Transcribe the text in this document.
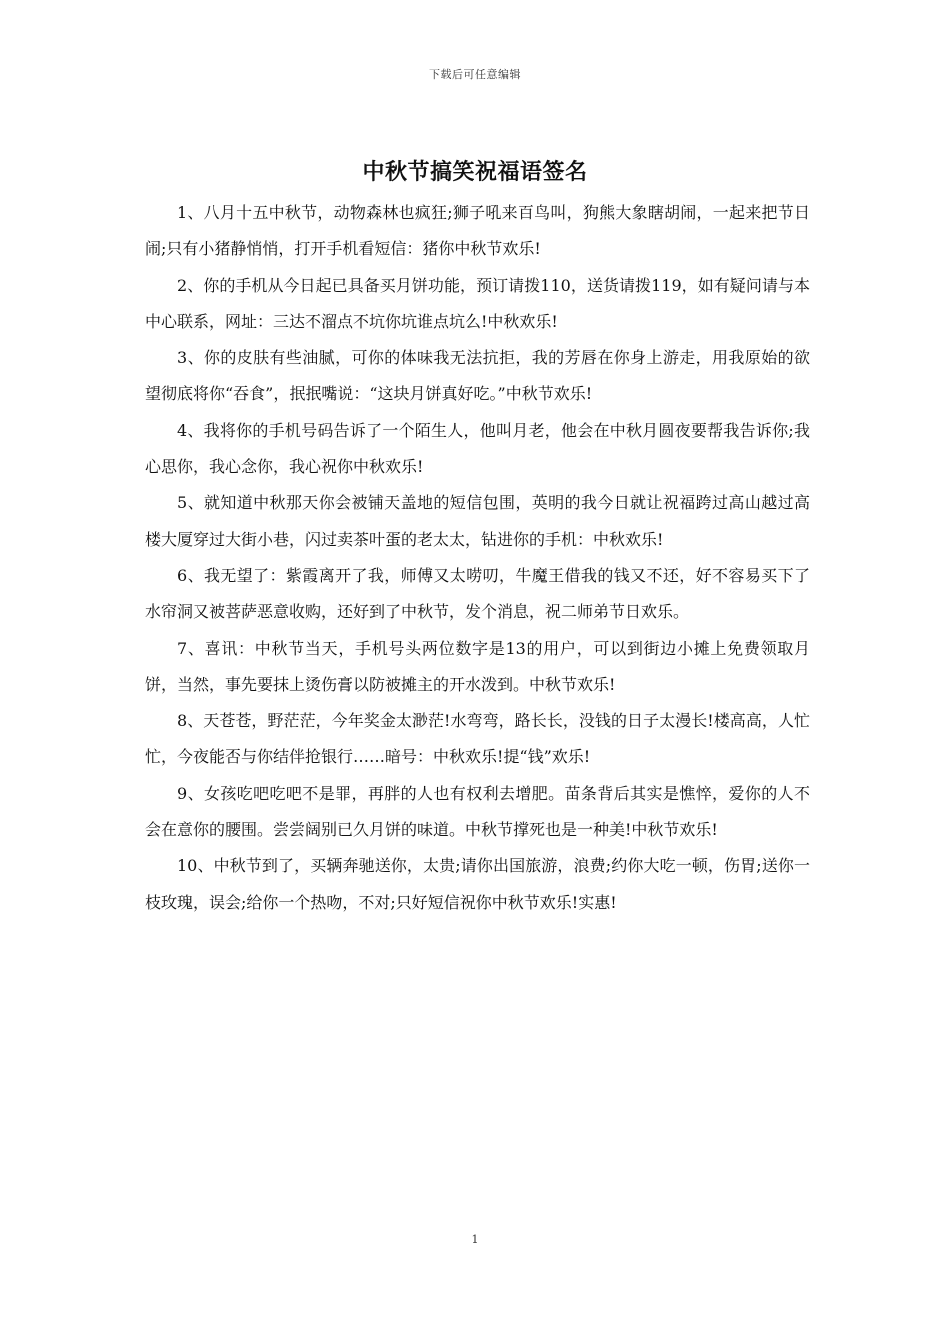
下载后可任意编辑
中秋节搞笑祝福语签名

1、八月十五中秋节，动物森林也疯狂;狮子吼来百鸟叫，狗熊大象瞎胡闹，一起来把节日闹;只有小猪静悄悄，打开手机看短信：猪你中秋节欢乐!

2、你的手机从今日起已具备买月饼功能，预订请拨110，送货请拨119，如有疑问请与本中心联系，网址：三达不溜点不坑你坑谁点坑么!中秋欢乐!

3、你的皮肤有些油腻，可你的体味我无法抗拒，我的芳唇在你身上游走，用我原始的欲望彻底将你“吞食”，抿抿嘴说：“这块月饼真好吃。”中秋节欢乐!

4、我将你的手机号码告诉了一个陌生人，他叫月老，他会在中秋月圆夜要帮我告诉你;我心思你，我心念你，我心祝你中秋欢乐!

5、就知道中秋那天你会被铺天盖地的短信包围，英明的我今日就让祝福跨过高山越过高楼大厦穿过大街小巷，闪过卖茶叶蛋的老太太，钻进你的手机：中秋欢乐!

6、我无望了：紫霞离开了我，师傅又太唠叨，牛魔王借我的钱又不还，好不容易买下了水帘洞又被菩萨恶意收购，还好到了中秋节，发个消息，祝二师弟节日欢乐。

7、喜讯：中秋节当天，手机号头两位数字是13的用户，可以到街边小摊上免费领取月饼，当然，事先要抹上烫伤膏以防被摊主的开水泼到。中秋节欢乐!

8、天苍苍，野茫茫，今年奖金太渺茫!水弯弯，路长长，没钱的日子太漫长!楼高高，人忙忙，今夜能否与你结伴抢银行……暗号：中秋欢乐!提“钱”欢乐!

9、女孩吃吧吃吧不是罪，再胖的人也有权利去增肥。苗条背后其实是憔悴，爱你的人不会在意你的腰围。尝尝阔别已久月饼的味道。中秋节撑死也是一种美!中秋节欢乐!

10、中秋节到了，买辆奔驰送你，太贵;请你出国旅游，浪费;约你大吃一顿，伤胃;送你一枝玫瑰，误会;给你一个热吻，不对;只好短信祝你中秋节欢乐!实惠!

1
